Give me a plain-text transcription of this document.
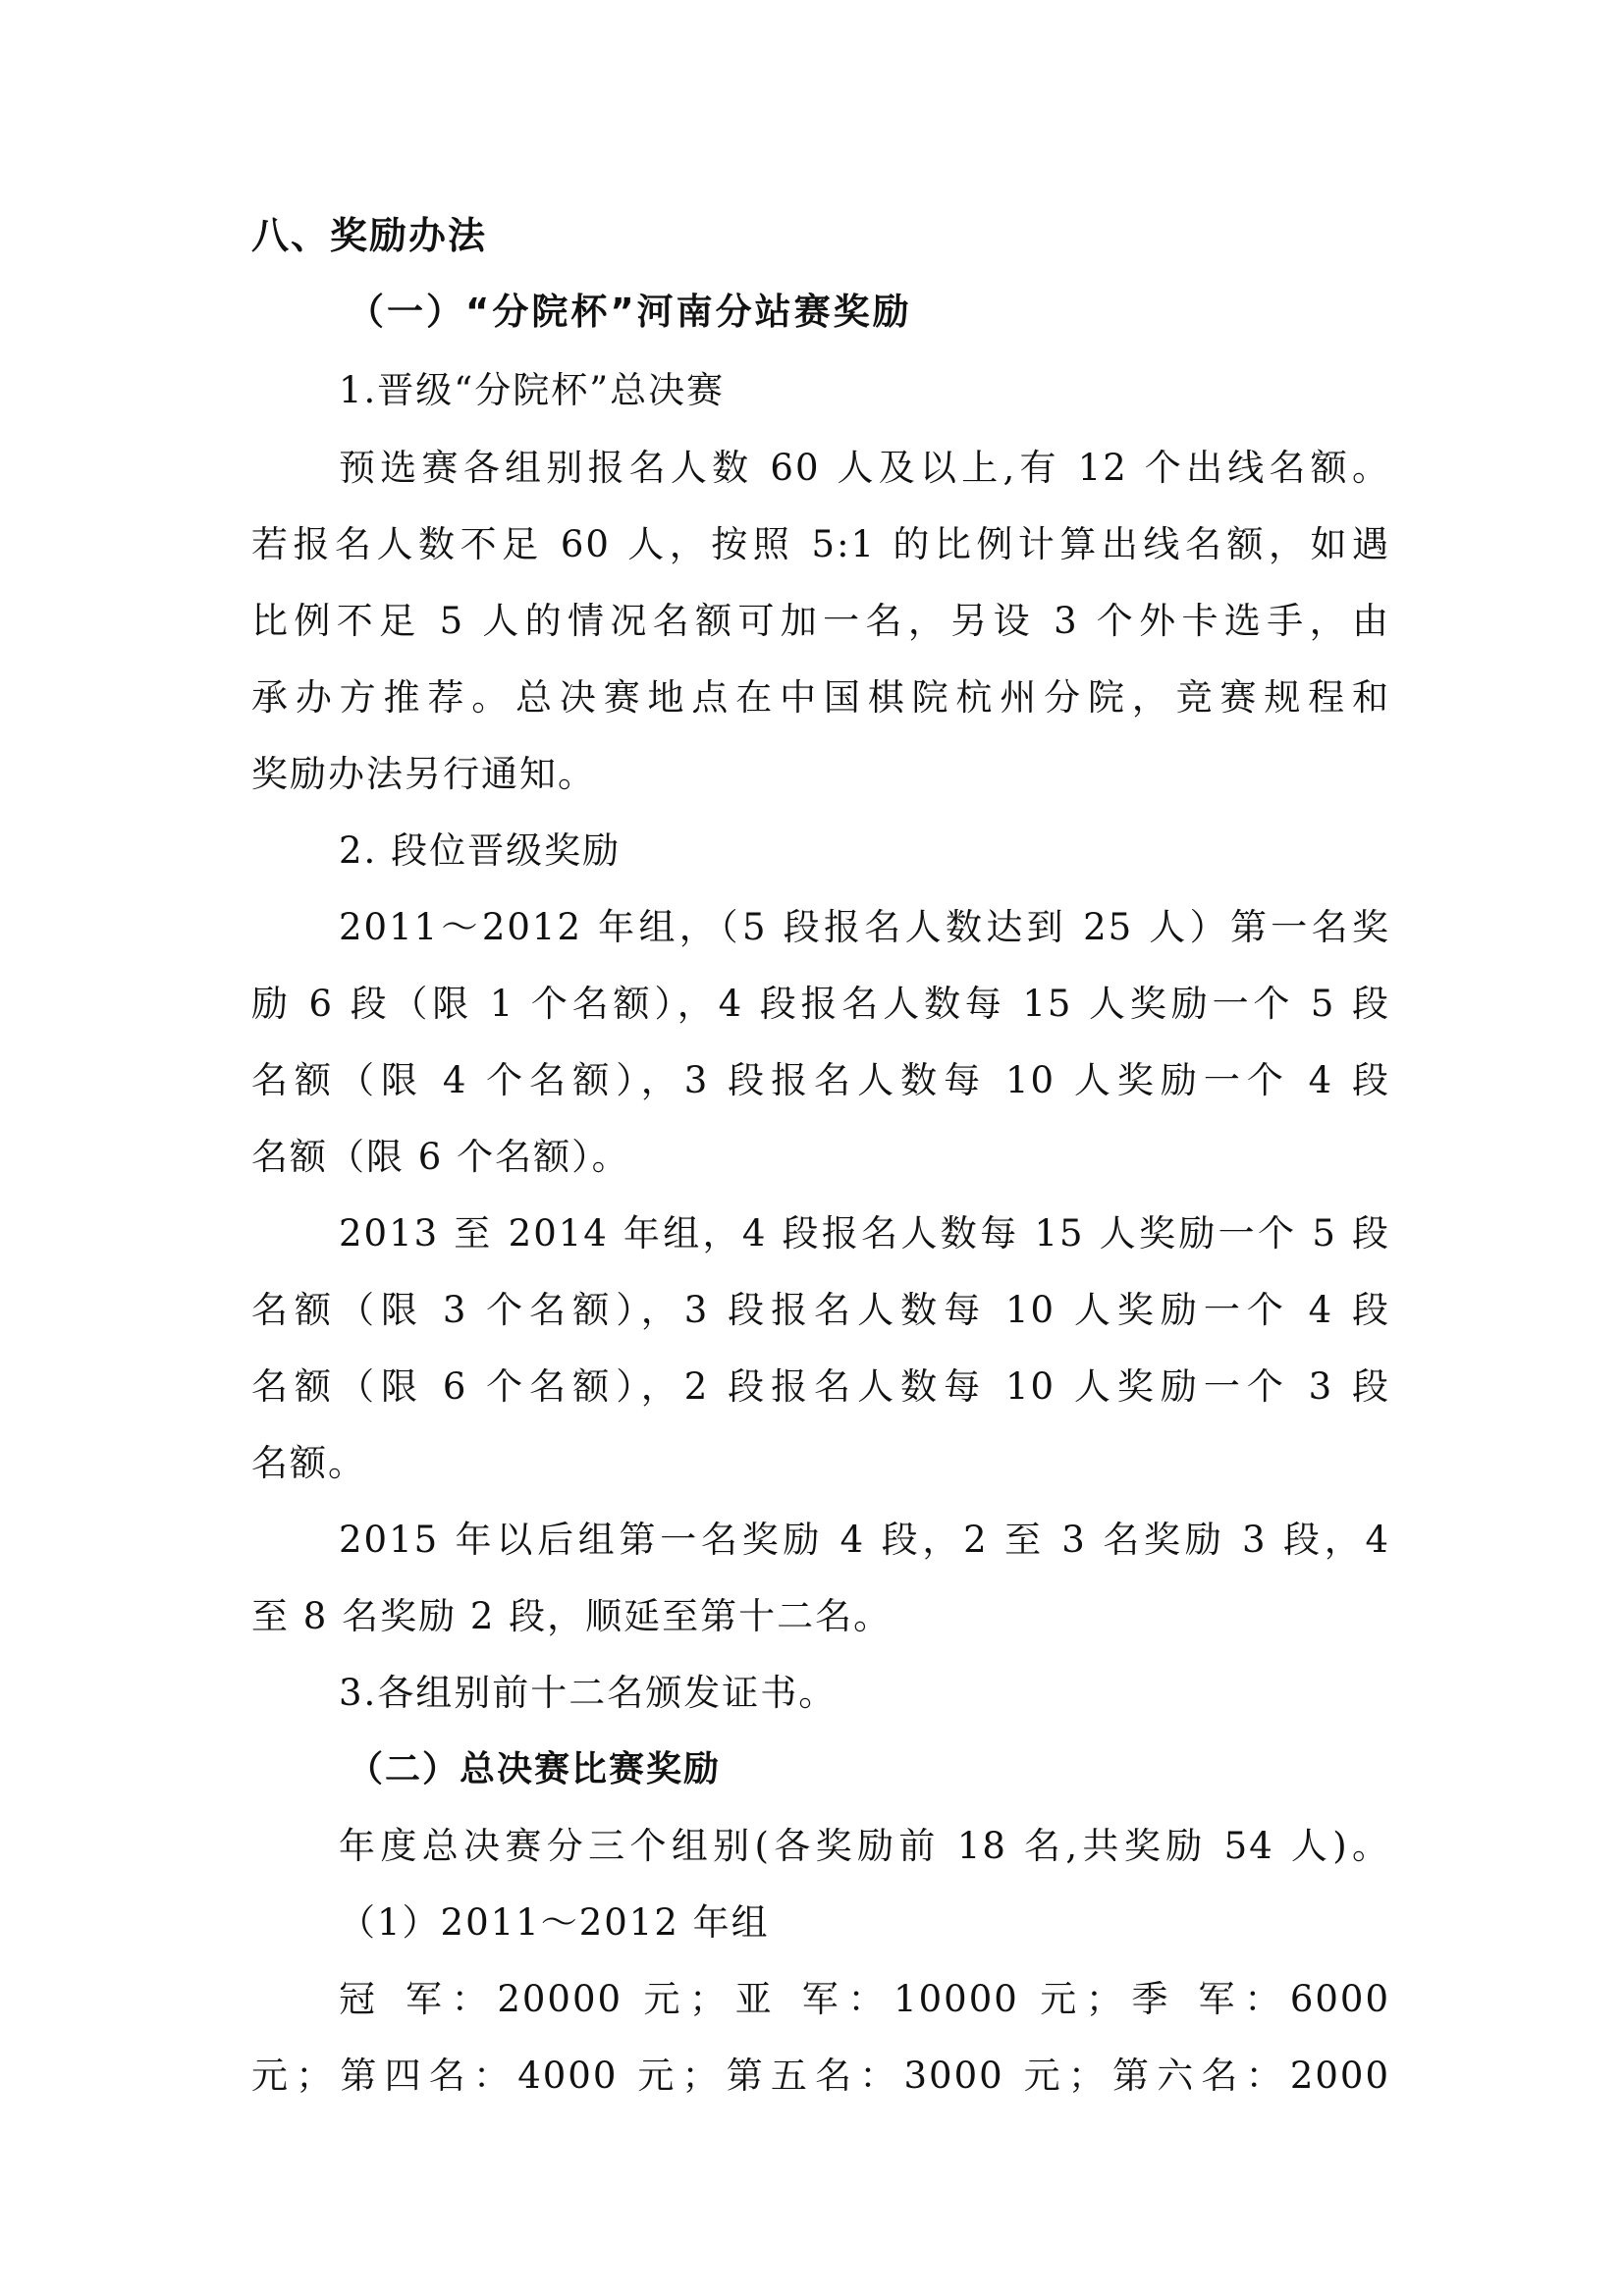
八、奖励办法
（一）“分院杯”河南分站赛奖励
1.晋级“分院杯”总决赛
预选赛各组别报名人数 60 人及以上,有 12 个出线名额。
若报名人数不足 60 人，按照 5:1 的比例计算出线名额，如遇
比例不足 5 人的情况名额可加一名，另设 3 个外卡选手，由
承办方推荐。总决赛地点在中国棋院杭州分院，竞赛规程和
奖励办法另行通知。
2. 段位晋级奖励
2011～2012 年组，（5 段报名人数达到 25 人）第一名奖
励 6 段（限 1 个名额），4 段报名人数每 15 人奖励一个 5 段
名额（限 4 个名额），3 段报名人数每 10 人奖励一个 4 段
名额（限 6 个名额）。
2013 至 2014 年组，4 段报名人数每 15 人奖励一个 5 段
名额（限 3 个名额），3 段报名人数每 10 人奖励一个 4 段
名额（限 6 个名额），2 段报名人数每 10 人奖励一个 3 段
名额。
2015 年以后组第一名奖励 4 段，2 至 3 名奖励 3 段，4
至 8 名奖励 2 段，顺延至第十二名。
3.各组别前十二名颁发证书。
（二）总决赛比赛奖励
年度总决赛分三个组别(各奖励前 18 名,共奖励 54 人)。
（1）2011～2012 年组
冠 军：20000 元；亚 军：10000 元；季 军：6000
元；第四名：4000 元；第五名：3000 元；第六名：2000
